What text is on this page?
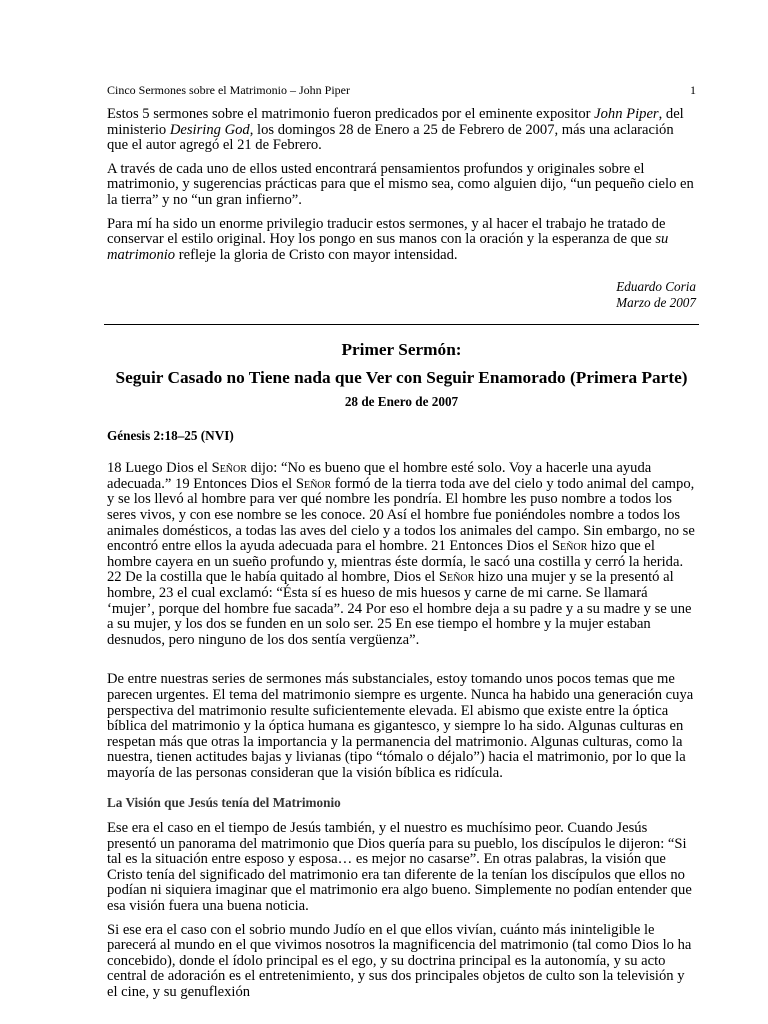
Cinco Sermones sobre el Matrimonio – John Piper	1

Estos 5 sermones sobre el matrimonio fueron predicados por el eminente expositor John Piper, del ministerio Desiring God, los domingos 28 de Enero a 25 de Febrero de 2007, más una aclaración que el autor agregó el 21 de Febrero.

A través de cada uno de ellos usted encontrará pensamientos profundos y originales sobre el matrimonio, y sugerencias prácticas para que el mismo sea, como alguien dijo, “un pequeño cielo en la tierra” y no “un gran infierno”.

Para mí ha sido un enorme privilegio traducir estos sermones, y al hacer el trabajo he tratado de conservar el estilo original. Hoy los pongo en sus manos con la oración y la esperanza de que su matrimonio refleje la gloria de Cristo con mayor intensidad.

Eduardo Coria
Marzo de 2007
Primer Sermón:
Seguir Casado no Tiene nada que Ver con Seguir Enamorado (Primera Parte)
28 de Enero de 2007
Génesis 2:18–25 (NVI)

18 Luego Dios el Señor dijo: “No es bueno que el hombre esté solo. Voy a hacerle una ayuda adecuada.” 19 Entonces Dios el Señor formó de la tierra toda ave del cielo y todo animal del campo, y se los llevó al hombre para ver qué nombre les pondría. El hombre les puso nombre a todos los seres vivos, y con ese nombre se les conoce. 20 Así el hombre fue poniéndoles nombre a todos los animales domésticos, a todas las aves del cielo y a todos los animales del campo. Sin embargo, no se encontró entre ellos la ayuda adecuada para el hombre. 21 Entonces Dios el Señor hizo que el hombre cayera en un sueño profundo y, mientras éste dormía, le sacó una costilla y cerró la herida. 22 De la costilla que le había quitado al hombre, Dios el Señor hizo una mujer y se la presentó al hombre, 23 el cual exclamó: “Ésta sí es hueso de mis huesos y carne de mi carne. Se llamará ‘mujer’, porque del hombre fue sacada”. 24 Por eso el hombre deja a su padre y a su madre y se une a su mujer, y los dos se funden en un solo ser. 25 En ese tiempo el hombre y la mujer estaban desnudos, pero ninguno de los dos sentía vergüenza”.

De entre nuestras series de sermones más substanciales, estoy tomando unos pocos temas que me parecen urgentes. El tema del matrimonio siempre es urgente. Nunca ha habido una generación cuya perspectiva del matrimonio resulte suficientemente elevada. El abismo que existe entre la óptica bíblica del matrimonio y la óptica humana es gigantesco, y siempre lo ha sido. Algunas culturas en respetan más que otras la importancia y la permanencia del matrimonio. Algunas culturas, como la nuestra, tienen actitudes bajas y livianas (tipo “tómalo o déjalo”) hacia el matrimonio, por lo que la mayoría de las personas consideran que la visión bíblica es ridícula.

La Visión que Jesús tenía del Matrimonio

Ese era el caso en el tiempo de Jesús también, y el nuestro es muchísimo peor. Cuando Jesús presentó un panorama del matrimonio que Dios quería para su pueblo, los discípulos le dijeron: “Si tal es la situación entre esposo y esposa… es mejor no casarse”. En otras palabras, la visión que Cristo tenía del significado del matrimonio era tan diferente de la tenían los discípulos que ellos no podían ni siquiera imaginar que el matrimonio era algo bueno. Simplemente no podían entender que esa visión fuera una buena noticia.

Si ese era el caso con el sobrio mundo Judío en el que ellos vivían, cuánto más ininteligible le parecerá al mundo en el que vivimos nosotros la magnificencia del matrimonio (tal como Dios lo ha concebido), donde el ídolo principal es el ego, y su doctrina principal es la autonomía, y su acto central de adoración es el entretenimiento, y sus dos principales objetos de culto son la televisión y el cine, y su genuflexión
